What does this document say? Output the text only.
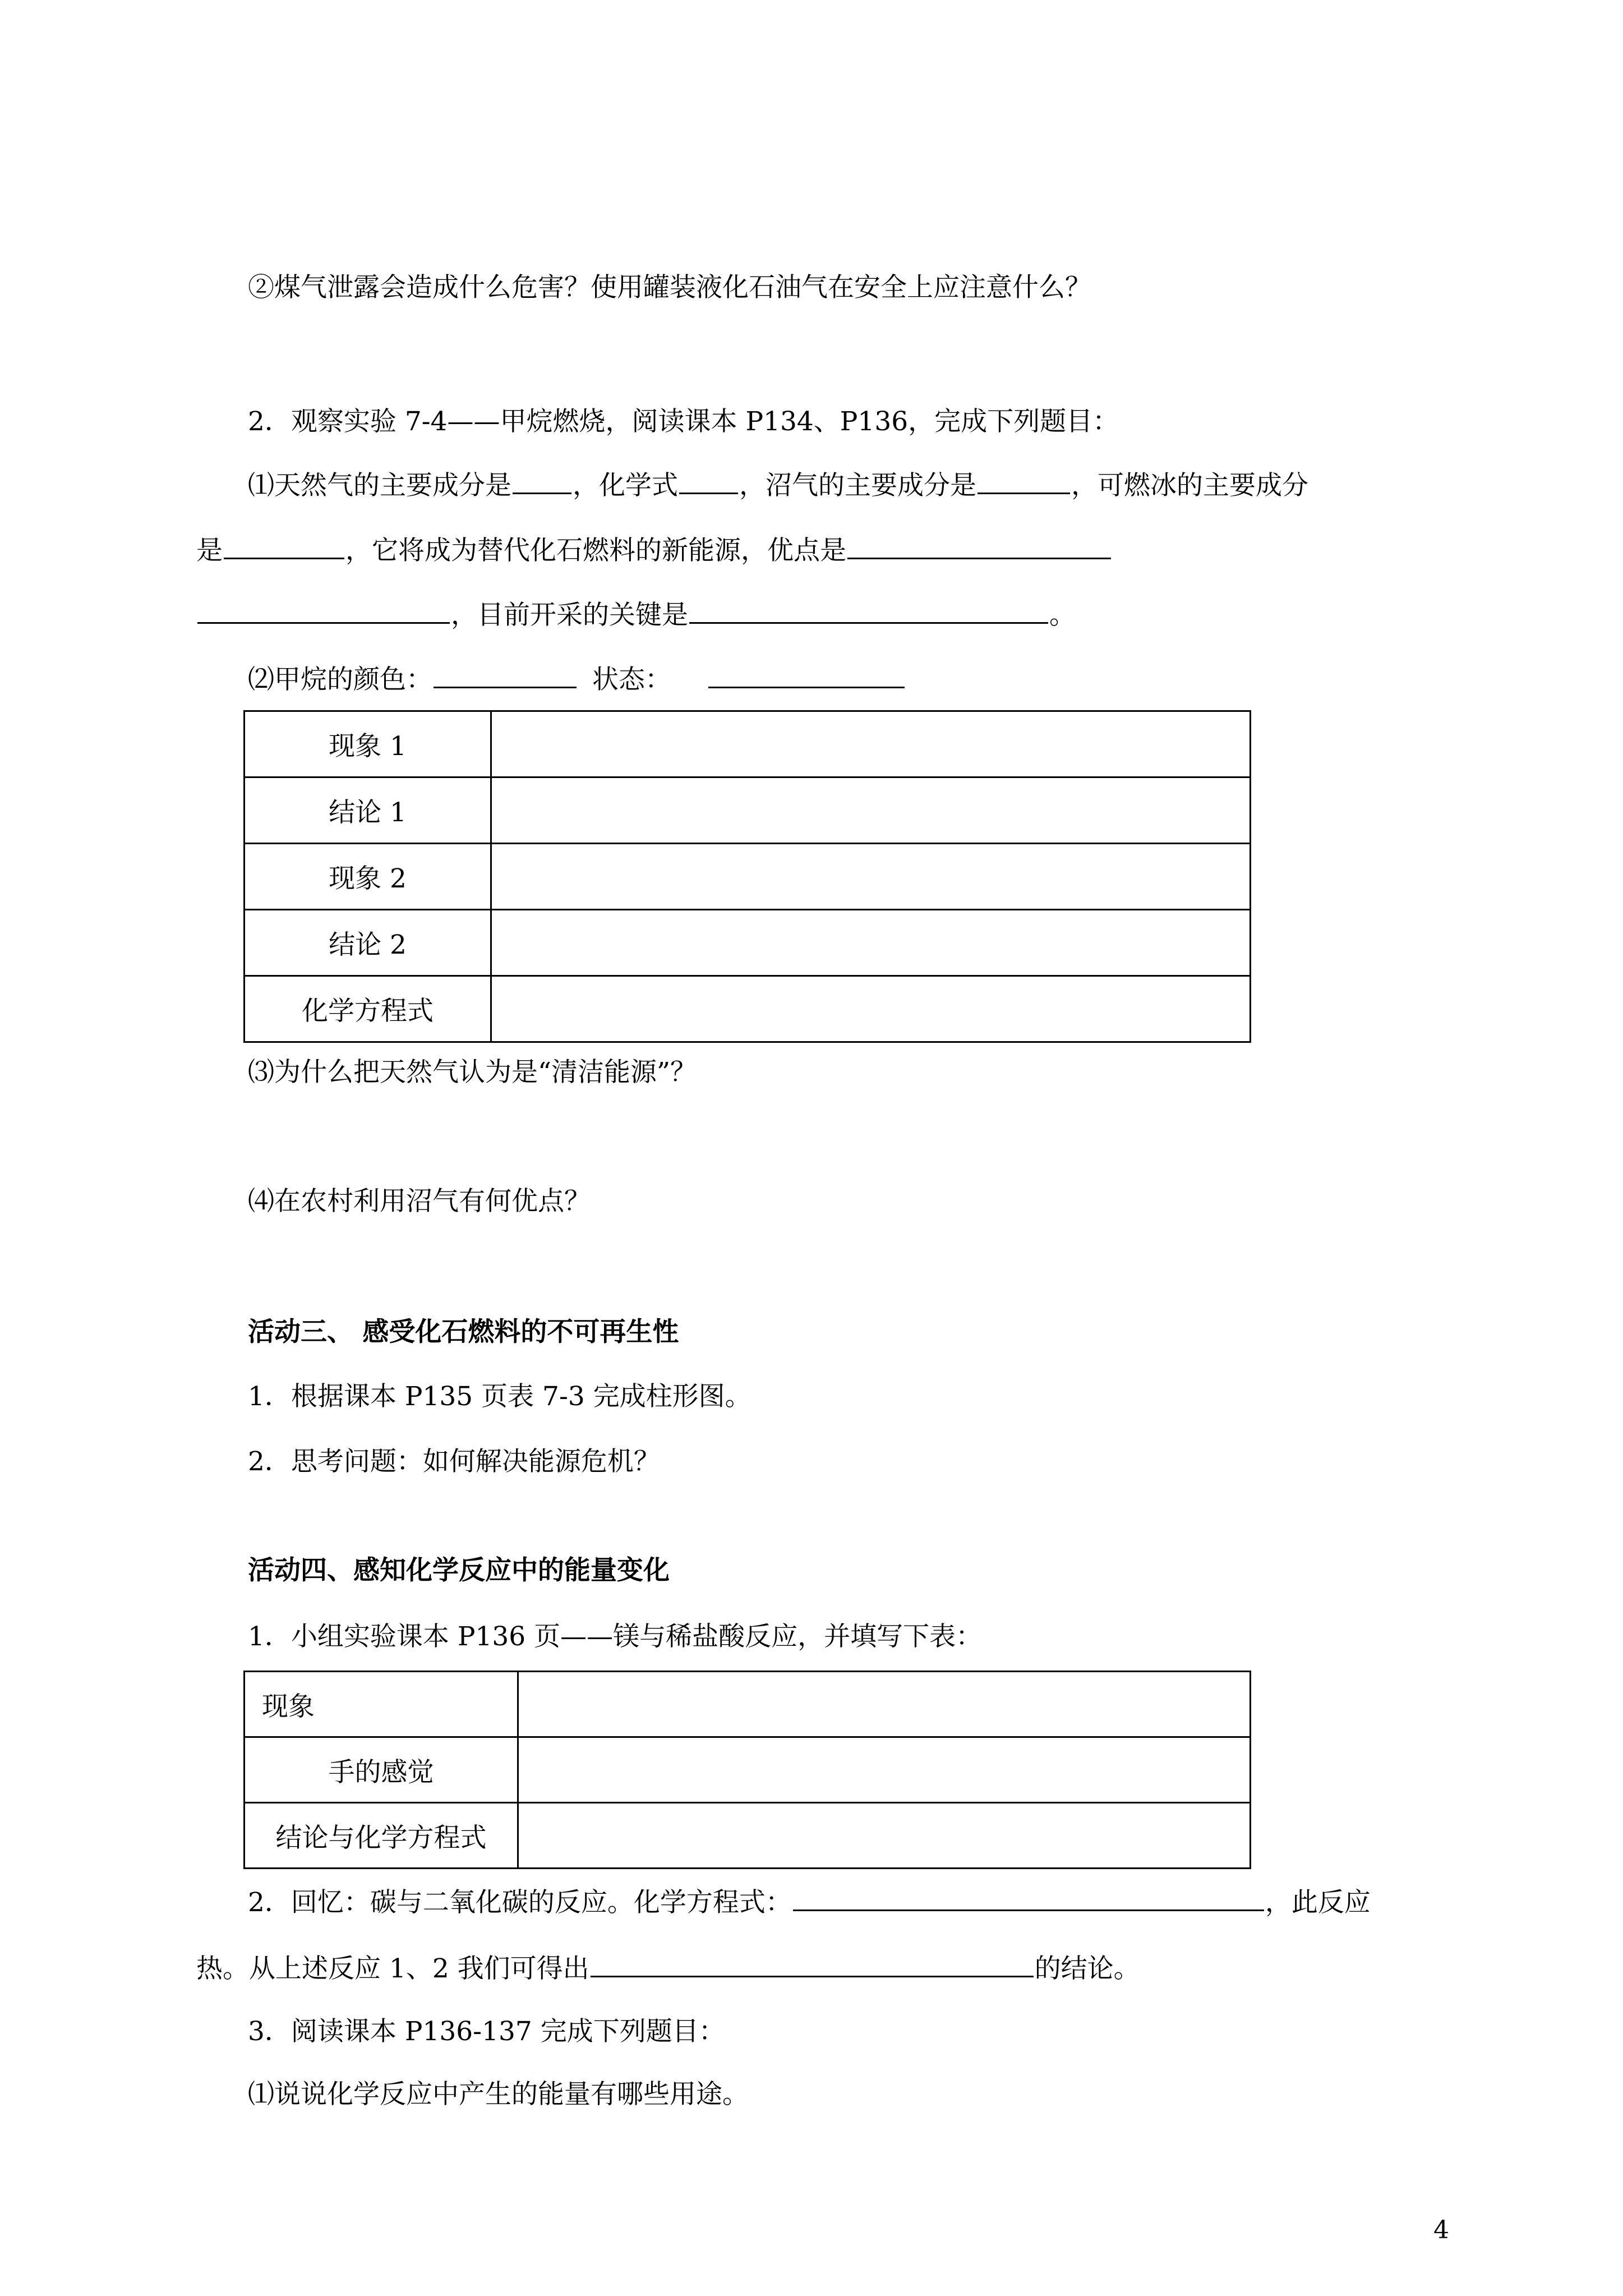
②煤气泄露会造成什么危害？使用罐装液化石油气在安全上应注意什么？
2．观察实验 7-4——甲烷燃烧，阅读课本 P134、P136，完成下列题目：
⑴天然气的主要成分是 ，化学式 ，沼气的主要成分是	，可燃冰的主要成分
是	，它将成为替代化石燃料的新能源，优点是
，目前开采的关键是	。
⑵甲烷的颜色：	状态：
现象 1	
结论 1	
现象 2	
结论 2	
化学方程式	
⑶为什么把天然气认为是“清洁能源”？
⑷在农村利用沼气有何优点？
活动三、 感受化石燃料的不可再生性
1．根据课本 P135 页表 7-3 完成柱形图。
2．思考问题：如何解决能源危机？
活动四、感知化学反应中的能量变化
1．小组实验课本 P136 页——镁与稀盐酸反应，并填写下表：
现象	
手的感觉	
结论与化学方程式	
2．回忆：碳与二氧化碳的反应。化学方程式：	，此反应
热。从上述反应 1、2 我们可得出	的结论。
3．阅读课本 P136-137 完成下列题目：
⑴说说化学反应中产生的能量有哪些用途。
4
